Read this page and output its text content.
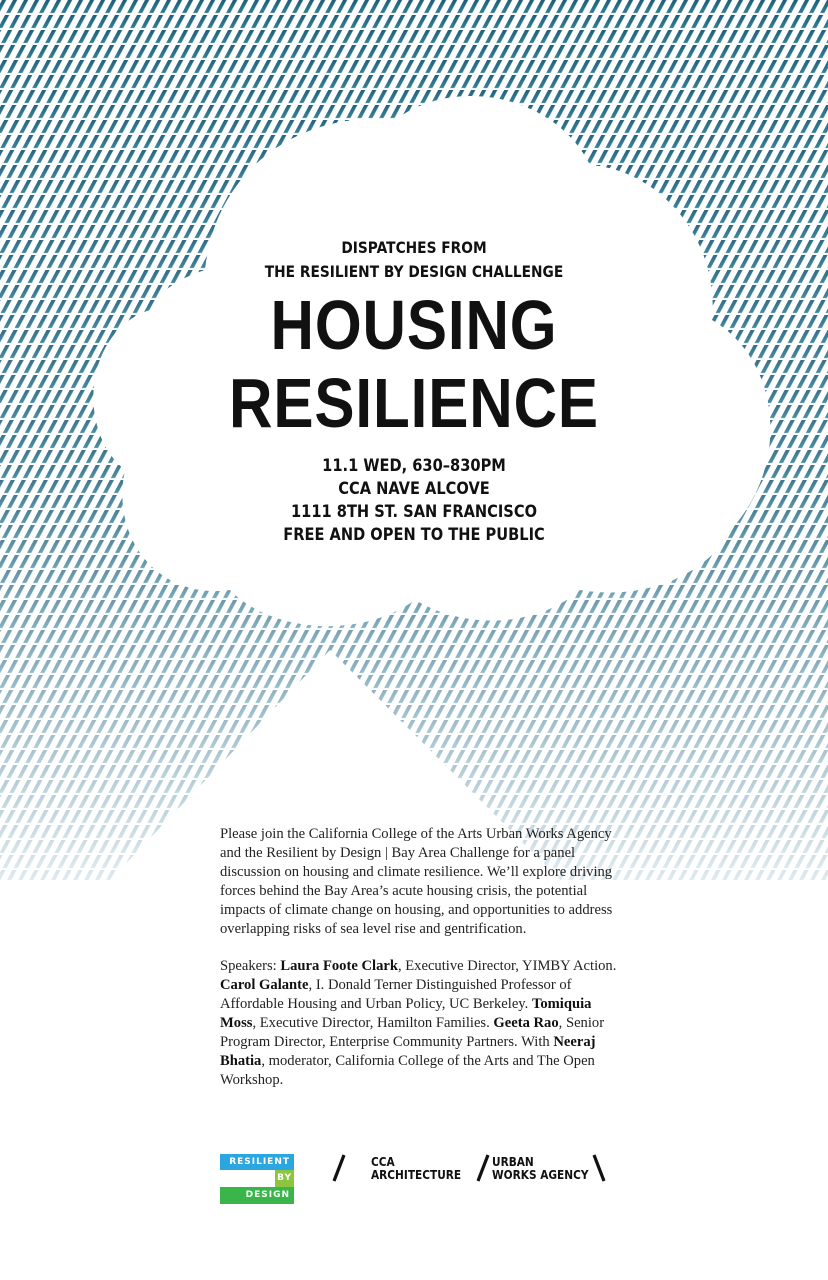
DISPATCHES FROM
THE RESILIENT BY DESIGN CHALLENGE
HOUSING
RESILIENCE
11.1 WED, 630–830PM
CCA NAVE ALCOVE
1111 8TH ST. SAN FRANCISCO
FREE AND OPEN TO THE PUBLIC

Please join the California College of the Arts Urban Works Agency and the Resilient by Design | Bay Area Challenge for a panel discussion on housing and climate resilience. We’ll explore driving forces behind the Bay Area’s acute housing crisis, the potential impacts of climate change on housing, and opportunities to address overlapping risks of sea level rise and gentrification.

Speakers: Laura Foote Clark, Executive Director, YIMBY Action. Carol Galante, I. Donald Terner Distinguished Professor of Affordable Housing and Urban Policy, UC Berkeley. Tomiquia Moss, Executive Director, Hamilton Families. Geeta Rao, Senior Program Director, Enterprise Community Partners. With Neeraj Bhatia, moderator, California College of the Arts and The Open Workshop.

RESILIENT
BY
DESIGN
CCA
ARCHITECTURE
URBAN
WORKS AGENCY
